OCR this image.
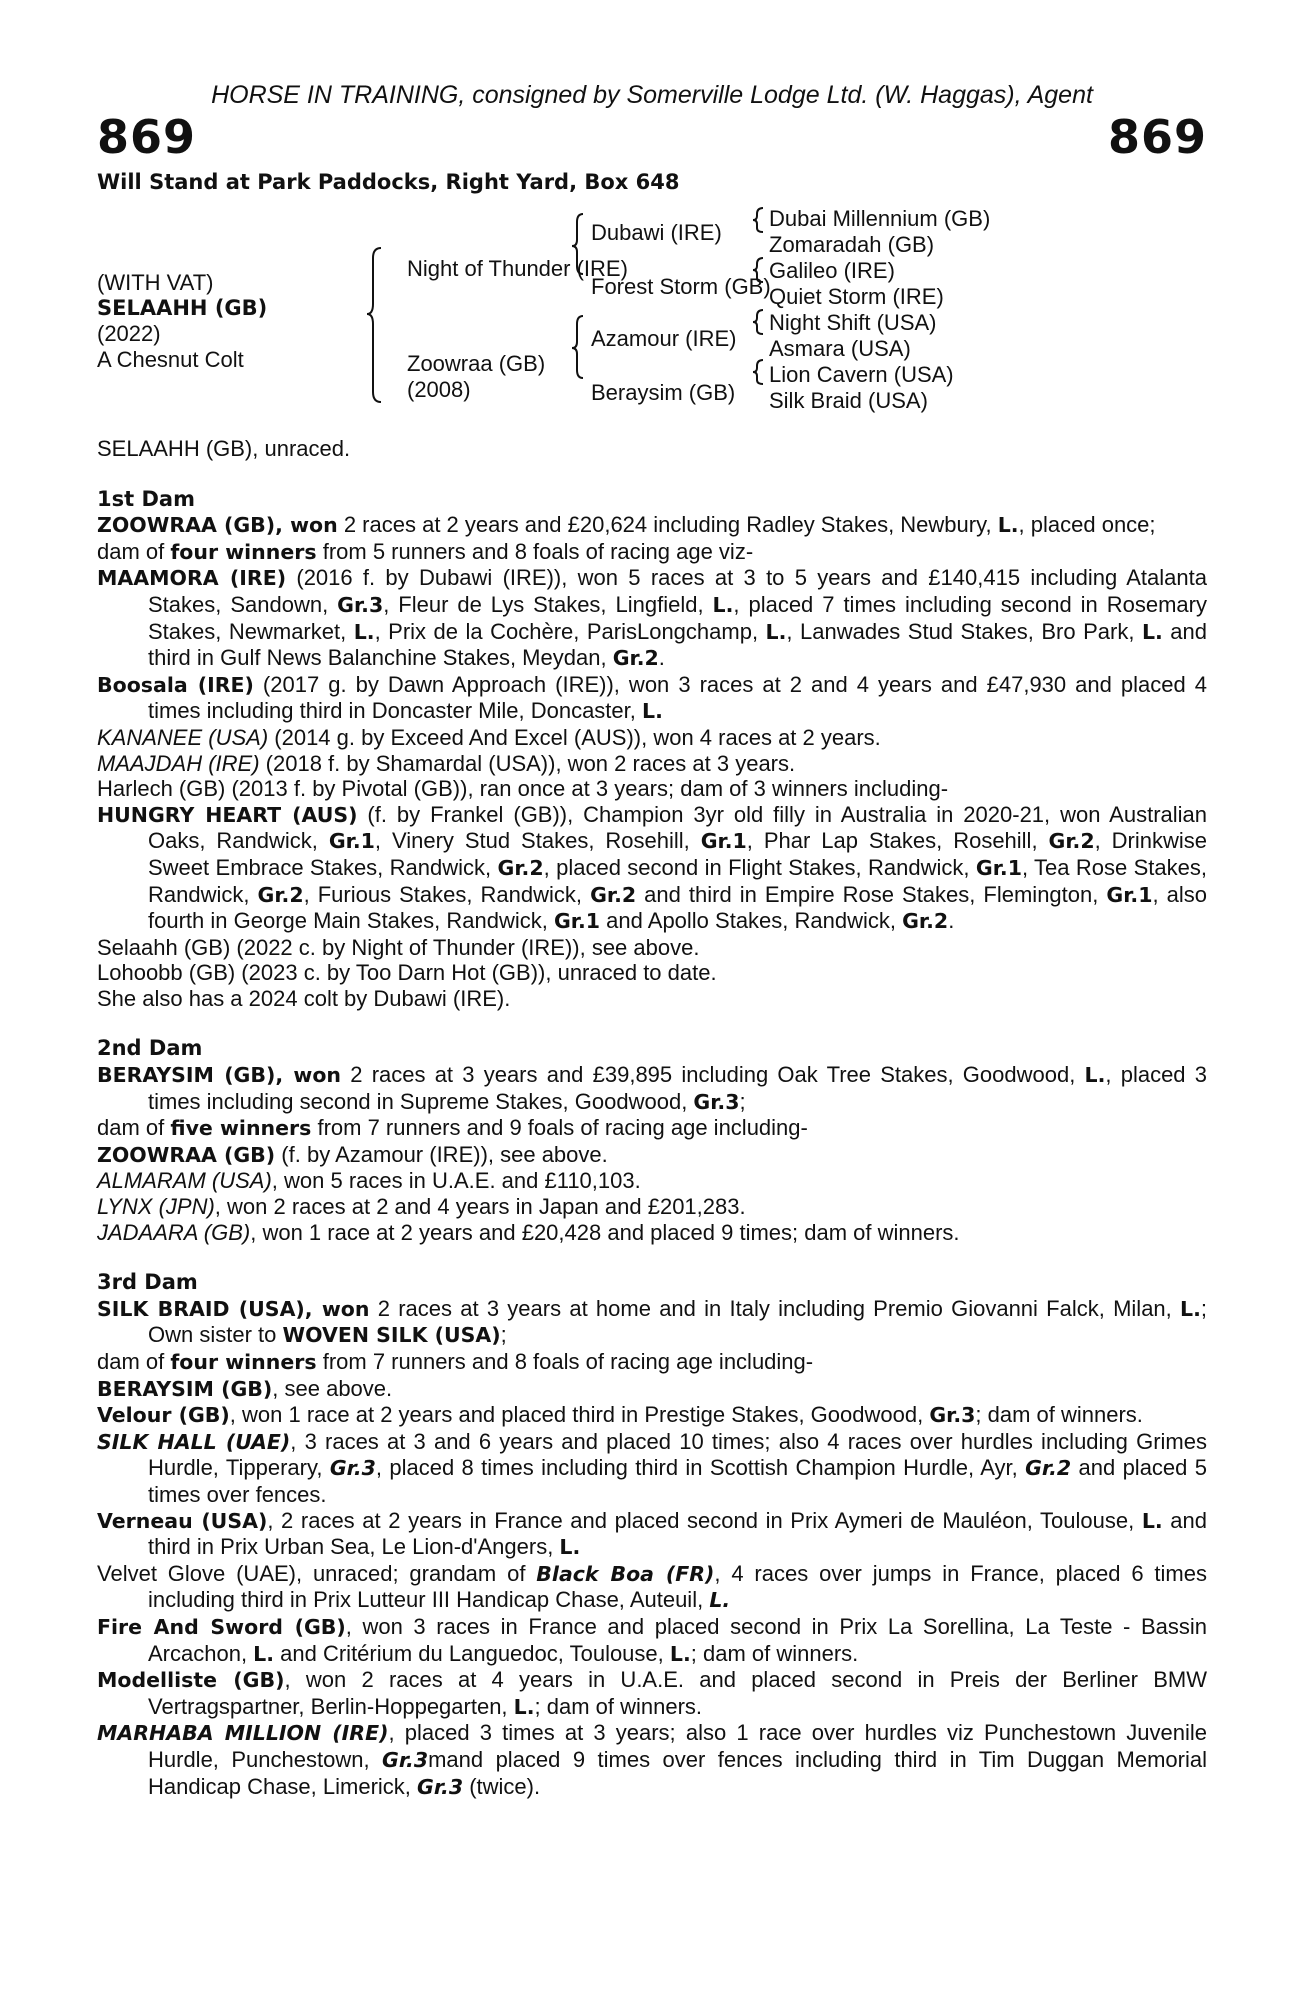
HORSE IN TRAINING, consigned by Somerville Lodge Ltd. (W. Haggas), Agent
869	869
Will Stand at Park Paddocks, Right Yard, Box 648
(WITH VAT)
SELAAHH (GB)
(2022)
A Chesnut Colt
Night of Thunder (IRE)
Zoowraa (GB)
(2008)
Dubawi (IRE)
Forest Storm (GB)
Azamour (IRE)
Beraysim (GB)
Dubai Millennium (GB)
Zomaradah (GB)
Galileo (IRE)
Quiet Storm (IRE)
Night Shift (USA)
Asmara (USA)
Lion Cavern (USA)
Silk Braid (USA)

SELAAHH (GB), unraced.

1st Dam

ZOOWRAA (GB), won 2 races at 2 years and £20,624 including Radley Stakes, Newbury, L., placed once;

dam of four winners from 5 runners and 8 foals of racing age viz-

MAAMORA (IRE) (2016 f. by Dubawi (IRE)), won 5 races at 3 to 5 years and £140,415 including Atalanta Stakes, Sandown, Gr.3, Fleur de Lys Stakes, Lingfield, L., placed 7 times including second in Rosemary Stakes, Newmarket, L., Prix de la Cochère, ParisLongchamp, L., Lanwades Stud Stakes, Bro Park, L. and third in Gulf News Balanchine Stakes, Meydan, Gr.2.

Boosala (IRE) (2017 g. by Dawn Approach (IRE)), won 3 races at 2 and 4 years and £47,930 and placed 4 times including third in Doncaster Mile, Doncaster, L.

KANANEE (USA) (2014 g. by Exceed And Excel (AUS)), won 4 races at 2 years.

MAAJDAH (IRE) (2018 f. by Shamardal (USA)), won 2 races at 3 years.

Harlech (GB) (2013 f. by Pivotal (GB)), ran once at 3 years; dam of 3 winners including-

HUNGRY HEART (AUS) (f. by Frankel (GB)), Champion 3yr old filly in Australia in 2020-21, won Australian Oaks, Randwick, Gr.1, Vinery Stud Stakes, Rosehill, Gr.1, Phar Lap Stakes, Rosehill, Gr.2, Drinkwise Sweet Embrace Stakes, Randwick, Gr.2, placed second in Flight Stakes, Randwick, Gr.1, Tea Rose Stakes, Randwick, Gr.2, Furious Stakes, Randwick, Gr.2 and third in Empire Rose Stakes, Flemington, Gr.1, also fourth in George Main Stakes, Randwick, Gr.1 and Apollo Stakes, Randwick, Gr.2.

Selaahh (GB) (2022 c. by Night of Thunder (IRE)), see above.

Lohoobb (GB) (2023 c. by Too Darn Hot (GB)), unraced to date.

She also has a 2024 colt by Dubawi (IRE).

2nd Dam

BERAYSIM (GB), won 2 races at 3 years and £39,895 including Oak Tree Stakes, Goodwood, L., placed 3 times including second in Supreme Stakes, Goodwood, Gr.3;

dam of five winners from 7 runners and 9 foals of racing age including-

ZOOWRAA (GB) (f. by Azamour (IRE)), see above.

ALMARAM (USA), won 5 races in U.A.E. and £110,103.

LYNX (JPN), won 2 races at 2 and 4 years in Japan and £201,283.

JADAARA (GB), won 1 race at 2 years and £20,428 and placed 9 times; dam of winners.

3rd Dam

SILK BRAID (USA), won 2 races at 3 years at home and in Italy including Premio Giovanni Falck, Milan, L.; Own sister to WOVEN SILK (USA);

dam of four winners from 7 runners and 8 foals of racing age including-

BERAYSIM (GB), see above.

Velour (GB), won 1 race at 2 years and placed third in Prestige Stakes, Goodwood, Gr.3; dam of winners.

SILK HALL (UAE), 3 races at 3 and 6 years and placed 10 times; also 4 races over hurdles including Grimes Hurdle, Tipperary, Gr.3, placed 8 times including third in Scottish Champion Hurdle, Ayr, Gr.2 and placed 5 times over fences.

Verneau (USA), 2 races at 2 years in France and placed second in Prix Aymeri de Mauléon, Toulouse, L. and third in Prix Urban Sea, Le Lion-d'Angers, L.

Velvet Glove (UAE), unraced; grandam of Black Boa (FR), 4 races over jumps in France, placed 6 times including third in Prix Lutteur III Handicap Chase, Auteuil, L.

Fire And Sword (GB), won 3 races in France and placed second in Prix La Sorellina, La Teste - Bassin Arcachon, L. and Critérium du Languedoc, Toulouse, L.; dam of winners.

Modelliste (GB), won 2 races at 4 years in U.A.E. and placed second in Preis der Berliner BMW Vertragspartner, Berlin-Hoppegarten, L.; dam of winners.

MARHABA MILLION (IRE), placed 3 times at 3 years; also 1 race over hurdles viz Punchestown Juvenile Hurdle, Punchestown, Gr.3mand placed 9 times over fences including third in Tim Duggan Memorial Handicap Chase, Limerick, Gr.3 (twice).
